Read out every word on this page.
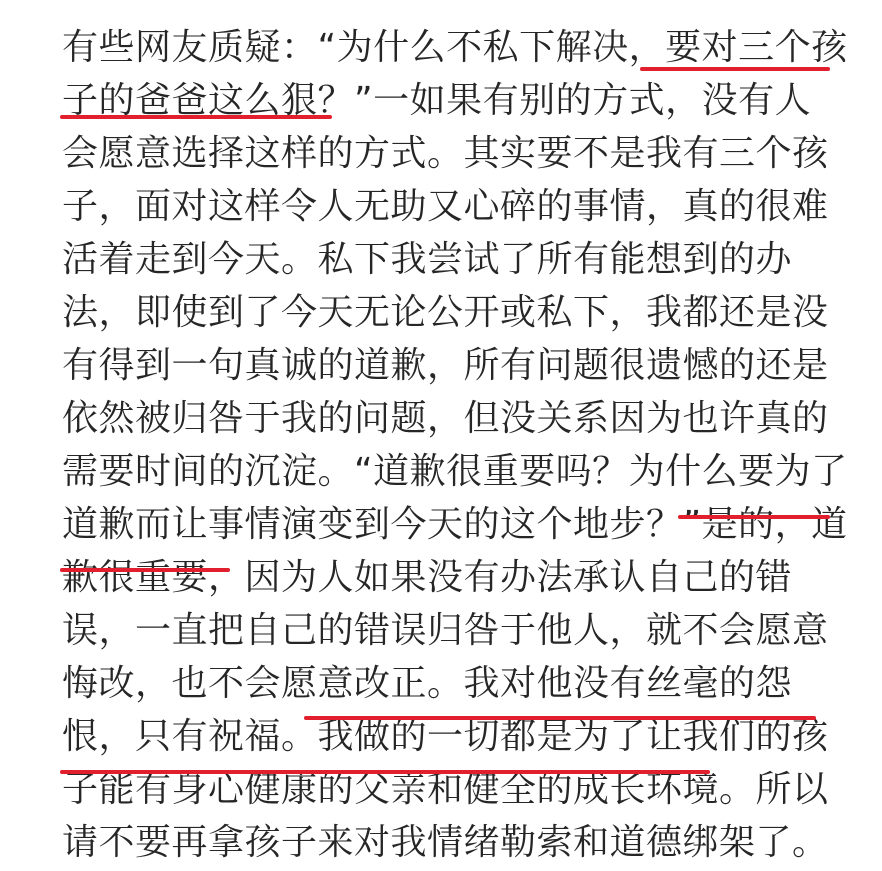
有些网友质疑：“为什么不私下解决，要对三个孩
子的爸爸这么狠？”一如果有别的方式，没有人
会愿意选择这样的方式。其实要不是我有三个孩
子，面对这样令人无助又心碎的事情，真的很难
活着走到今天。私下我尝试了所有能想到的办
法，即使到了今天无论公开或私下，我都还是没
有得到一句真诚的道歉，所有问题很遗憾的还是
依然被归咎于我的问题，但没关系因为也许真的
需要时间的沉淀。“道歉很重要吗？为什么要为了
道歉而让事情演变到今天的这个地步？”是的，道
歉很重要，因为人如果没有办法承认自己的错
误，一直把自己的错误归咎于他人，就不会愿意
悔改，也不会愿意改正。我对他没有丝毫的怨
恨，只有祝福。我做的一切都是为了让我们的孩
子能有身心健康的父亲和健全的成长环境。所以
请不要再拿孩子来对我情绪勒索和道德绑架了。
